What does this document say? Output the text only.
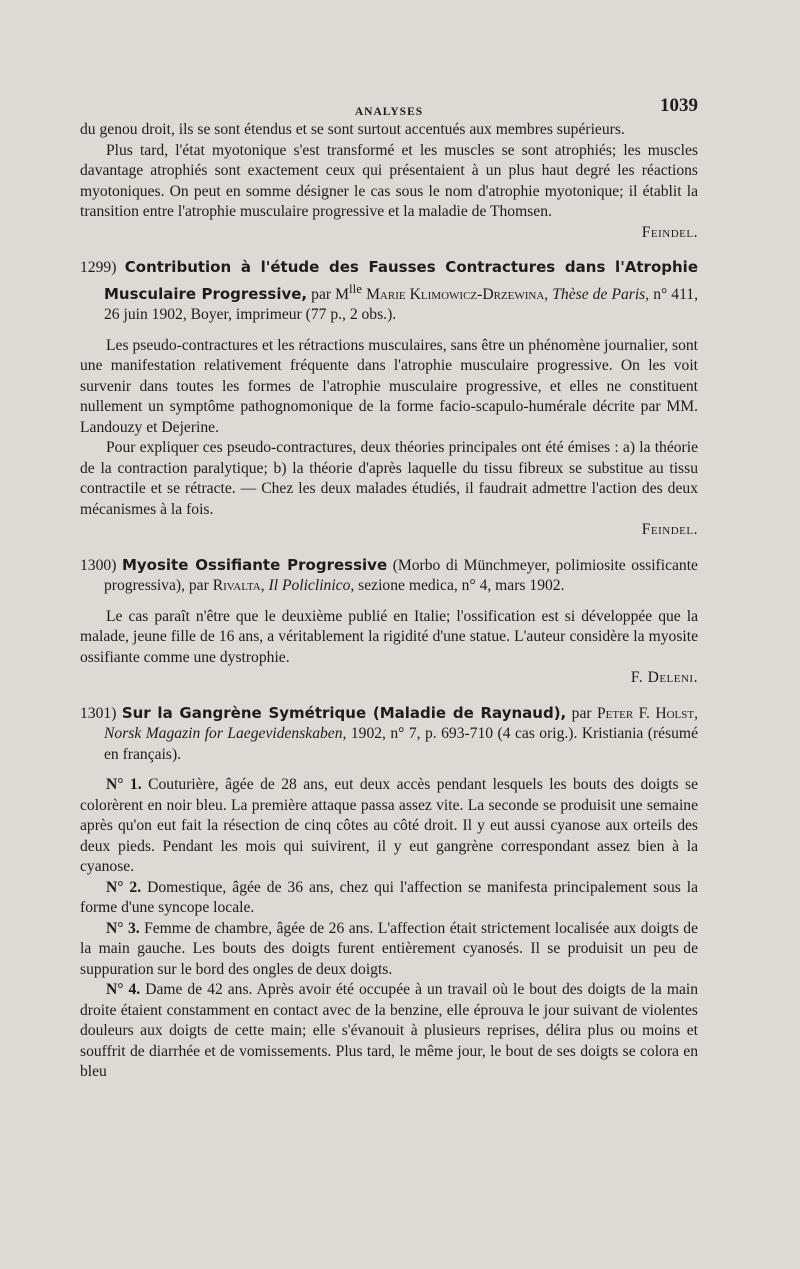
ANALYSES	1039

du genou droit, ils se sont étendus et se sont surtout accentués aux membres supérieurs.

Plus tard, l'état myotonique s'est transformé et les muscles se sont atrophiés; les muscles davantage atrophiés sont exactement ceux qui présentaient à un plus haut degré les réactions myotoniques. On peut en somme désigner le cas sous le nom d'atrophie myotonique; il établit la transition entre l'atrophie musculaire progressive et la maladie de Thomsen.

Feindel.

1299) Contribution à l'étude des Fausses Contractures dans l'Atrophie Musculaire Progressive, par $M^{lle}$ Marie Klimowicz-Drzewina, Thèse de Paris, n° 411, 26 juin 1902, Boyer, imprimeur (77 p., 2 obs.).

Les pseudo-contractures et les rétractions musculaires, sans être un phénomène journalier, sont une manifestation relativement fréquente dans l'atrophie musculaire progressive. On les voit survenir dans toutes les formes de l'atrophie musculaire progressive, et elles ne constituent nullement un symptôme pathognomonique de la forme facio-scapulo-humérale décrite par MM. Landouzy et Dejerine.

Pour expliquer ces pseudo-contractures, deux théories principales ont été émises : a) la théorie de la contraction paralytique; b) la théorie d'après laquelle du tissu fibreux se substitue au tissu contractile et se rétracte. — Chez les deux malades étudiés, il faudrait admettre l'action des deux mécanismes à la fois.

Feindel.

1300) Myosite Ossifiante Progressive (Morbo di Münchmeyer, polimiosite ossificante progressiva), par Rivalta, Il Policlinico, sezione medica, n° 4, mars 1902.

Le cas paraît n'être que le deuxième publié en Italie; l'ossification est si développée que la malade, jeune fille de 16 ans, a véritablement la rigidité d'une statue. L'auteur considère la myosite ossifiante comme une dystrophie.

F. Deleni.

1301) Sur la Gangrène Symétrique (Maladie de Raynaud), par Peter F. Holst, Norsk Magazin for Laegevidenskaben, 1902, n° 7, p. 693-710 (4 cas orig.). Kristiania (résumé en français).

N° 1. Couturière, âgée de 28 ans, eut deux accès pendant lesquels les bouts des doigts se colorèrent en noir bleu. La première attaque passa assez vite. La seconde se produisit une semaine après qu'on eut fait la résection de cinq côtes au côté droit. Il y eut aussi cyanose aux orteils des deux pieds. Pendant les mois qui suivirent, il y eut gangrène correspondant assez bien à la cyanose.

N° 2. Domestique, âgée de 36 ans, chez qui l'affection se manifesta principalement sous la forme d'une syncope locale.

N° 3. Femme de chambre, âgée de 26 ans. L'affection était strictement localisée aux doigts de la main gauche. Les bouts des doigts furent entièrement cyanosés. Il se produisit un peu de suppuration sur le bord des ongles de deux doigts.

N° 4. Dame de 42 ans. Après avoir été occupée à un travail où le bout des doigts de la main droite étaient constamment en contact avec de la benzine, elle éprouva le jour suivant de violentes douleurs aux doigts de cette main; elle s'évanouit à plusieurs reprises, délira plus ou moins et souffrit de diarrhée et de vomissements. Plus tard, le même jour, le bout de ses doigts se colora en bleu
